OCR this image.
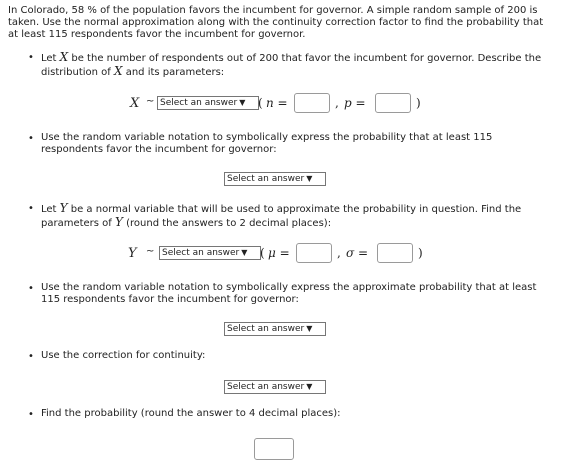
In Colorado, 58 % of the population favors the incumbent for governor. A simple random sample of 200 is taken. Use the normal approximation along with the continuity correction factor to find the probability that at least 115 respondents favor the incumbent for governor.
• Let X be the number of respondents out of 200 that favor the incumbent for governor. Describe the distribution of X and its parameters:
X ~ Select an answer ▼	( n =	, p =	)
• Use the random variable notation to symbolically express the probability that at least 115 respondents favor the incumbent for governor:
Select an answer ▼
• Let Y be a normal variable that will be used to approximate the probability in question. Find the parameters of Y (round the answers to 2 decimal places):
Y ~ Select an answer ▼	( μ =	, σ =	)
• Use the random variable notation to symbolically express the approximate probability that at least 115 respondents favor the incumbent for governor:
Select an answer ▼
• Use the correction for continuity:
Select an answer ▼
• Find the probability (round the answer to 4 decimal places):
